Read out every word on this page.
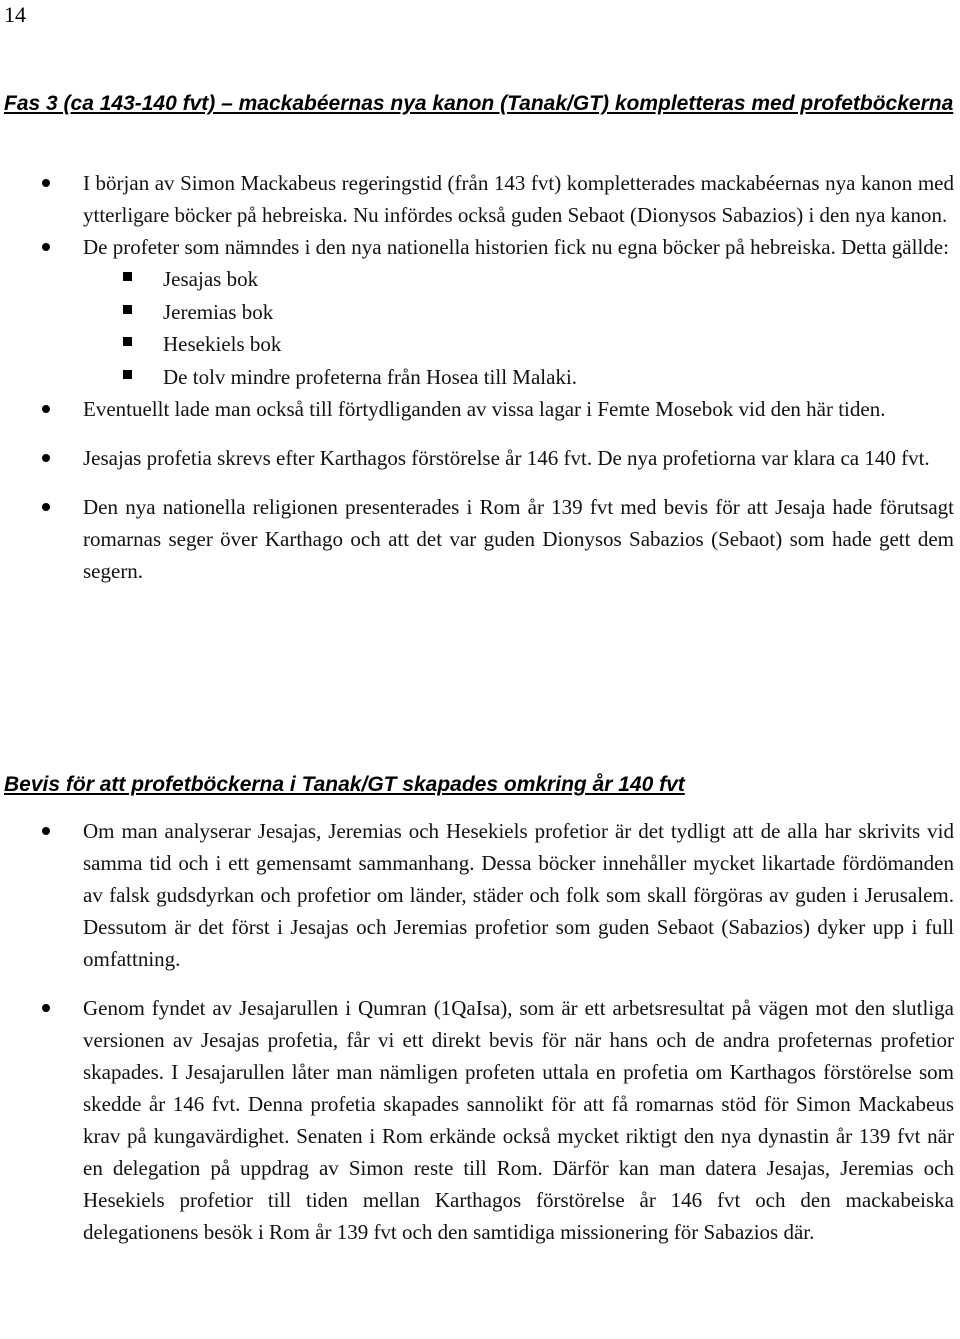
14
Fas 3 (ca 143-140 fvt) – mackabéernas nya kanon (Tanak/GT) kompletteras med profetböckerna
I början av Simon Mackabeus regeringstid (från 143 fvt) kompletterades mackabéernas nya kanon med ytterligare böcker på hebreiska. Nu infördes också guden Sebaot (Dionysos Sabazios) i den nya kanon.
De profeter som nämndes i den nya nationella historien fick nu egna böcker på hebreiska. Detta gällde:
Jesajas bok
Jeremias bok
Hesekiels bok
De tolv mindre profeterna från Hosea till Malaki.
Eventuellt lade man också till förtydliganden av vissa lagar i Femte Mosebok vid den här tiden.
Jesajas profetia skrevs efter Karthagos förstörelse år 146 fvt. De nya profetiorna var klara ca 140 fvt.
Den nya nationella religionen presenterades i Rom år 139 fvt med bevis för att Jesaja hade förutsagt romarnas seger över Karthago och att det var guden Dionysos Sabazios (Sebaot) som hade gett dem segern.
Bevis för att profetböckerna i Tanak/GT skapades omkring år 140 fvt
Om man analyserar Jesajas, Jeremias och Hesekiels profetior är det tydligt att de alla har skrivits vid samma tid och i ett gemensamt sammanhang. Dessa böcker innehåller mycket likartade fördömanden av falsk gudsdyrkan och profetior om länder, städer och folk som skall förgöras av guden i Jerusalem. Dessutom är det först i Jesajas och Jeremias profetior som guden Sebaot (Sabazios) dyker upp i full omfattning.
Genom fyndet av Jesajarullen i Qumran (1QaIsa), som är ett arbetsresultat på vägen mot den slutliga versionen av Jesajas profetia, får vi ett direkt bevis för när hans och de andra profeternas profetior skapades. I Jesajarullen låter man nämligen profeten uttala en profetia om Karthagos förstörelse som skedde år 146 fvt. Denna profetia skapades sannolikt för att få romarnas stöd för Simon Mackabeus krav på kungavärdighet. Senaten i Rom erkände också mycket riktigt den nya dynastin år 139 fvt när en delegation på uppdrag av Simon reste till Rom. Därför kan man datera Jesajas, Jeremias och Hesekiels profetior till tiden mellan Karthagos förstörelse år 146 fvt och den mackabeiska delegationens besök i Rom år 139 fvt och den samtidiga missionering för Sabazios där.
